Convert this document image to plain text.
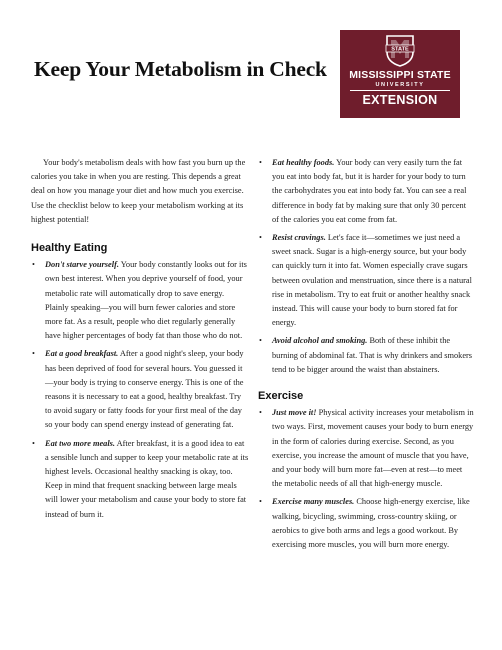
Keep Your Metabolism in Check
STATE
MISSISSIPPI STATE
UNIVERSITY
EXTENSION

Your body's metabolism deals with how fast you burn up the calories you take in when you are resting. This depends a great deal on how you manage your diet and how much you exercise. Use the checklist below to keep your metabolism working at its highest potential!

Healthy Eating
• Don't starve yourself. Your body constantly looks out for its own best interest. When you deprive yourself of food, your metabolic rate will automatically drop to save energy. Plainly speaking—you will burn fewer calories and store more fat. As a result, people who diet regularly generally have higher percentages of body fat than those who do not.
• Eat a good breakfast. After a good night's sleep, your body has been deprived of food for several hours. You guessed it—your body is trying to conserve energy. This is one of the reasons it is necessary to eat a good, healthy breakfast. Try to avoid sugary or fatty foods for your first meal of the day so your body can spend energy instead of generating fat.
• Eat two more meals. After breakfast, it is a good idea to eat a sensible lunch and supper to keep your metabolic rate at its highest levels. Occasional healthy snacking is okay, too. Keep in mind that frequent snacking between large meals will lower your metabolism and cause your body to store fat instead of burn it.
• Eat healthy foods. Your body can very easily turn the fat you eat into body fat, but it is harder for your body to turn the carbohydrates you eat into body fat. You can see a real difference in body fat by making sure that only 30 percent of the calories you eat come from fat.
• Resist cravings. Let's face it—sometimes we just need a sweet snack. Sugar is a high-energy source, but your body can quickly turn it into fat. Women especially crave sugars between ovulation and menstruation, since there is a natural rise in metabolism. Try to eat fruit or another healthy snack instead. This will cause your body to burn stored fat for energy.
• Avoid alcohol and smoking. Both of these inhibit the burning of abdominal fat. That is why drinkers and smokers tend to be bigger around the waist than abstainers.
Exercise
• Just move it! Physical activity increases your metabolism in two ways. First, movement causes your body to burn energy in the form of calories during exercise. Second, as you exercise, you increase the amount of muscle that you have, and your body will burn more fat—even at rest—to meet the metabolic needs of all that high-energy muscle.
• Exercise many muscles. Choose high-energy exercise, like walking, bicycling, swimming, cross-country skiing, or aerobics to give both arms and legs a good workout. By exercising more muscles, you will burn more energy.
